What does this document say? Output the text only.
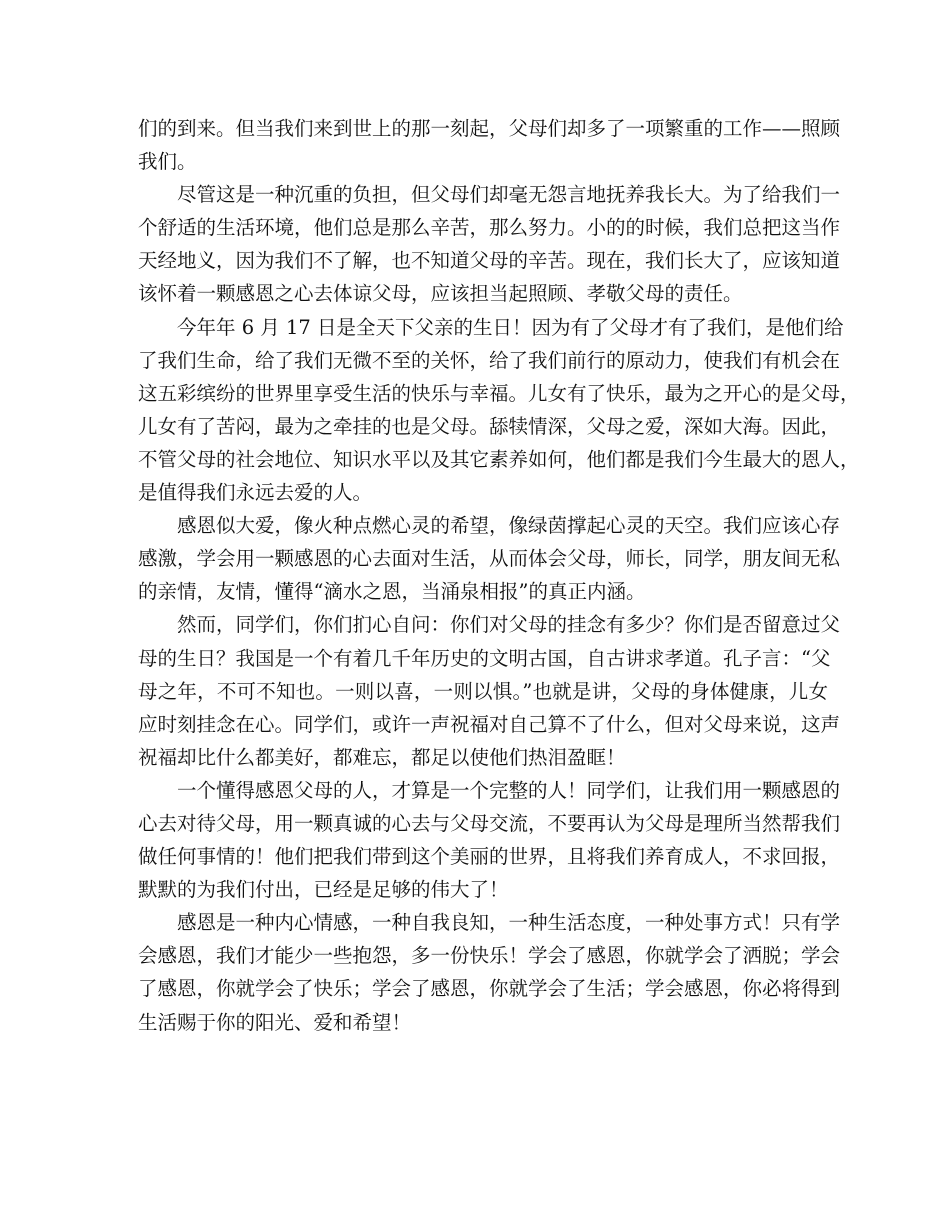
们的到来。但当我们来到世上的那一刻起，父母们却多了一项繁重的工作——照顾

我们。

尽管这是一种沉重的负担，但父母们却毫无怨言地抚养我长大。为了给我们一

个舒适的生活环境，他们总是那么辛苦，那么努力。小的的时候，我们总把这当作

天经地义，因为我们不了解，也不知道父母的辛苦。现在，我们长大了，应该知道

该怀着一颗感恩之心去体谅父母，应该担当起照顾、孝敬父母的责任。

今年年 6 月 17 日是全天下父亲的生日！因为有了父母才有了我们，是他们给

了我们生命，给了我们无微不至的关怀，给了我们前行的原动力，使我们有机会在

这五彩缤纷的世界里享受生活的快乐与幸福。儿女有了快乐，最为之开心的是父母，

儿女有了苦闷，最为之牵挂的也是父母。舔犊情深，父母之爱，深如大海。因此，

不管父母的社会地位、知识水平以及其它素养如何，他们都是我们今生最大的恩人，

是值得我们永远去爱的人。

感恩似大爱，像火种点燃心灵的希望，像绿茵撑起心灵的天空。我们应该心存

感激，学会用一颗感恩的心去面对生活，从而体会父母，师长，同学，朋友间无私

的亲情，友情，懂得“滴水之恩，当涌泉相报”的真正内涵。

然而，同学们，你们扪心自问：你们对父母的挂念有多少？你们是否留意过父

母的生日？我国是一个有着几千年历史的文明古国，自古讲求孝道。孔子言：“父

母之年，不可不知也。一则以喜，一则以惧。”也就是讲，父母的身体健康，儿女

应时刻挂念在心。同学们，或许一声祝福对自己算不了什么，但对父母来说，这声

祝福却比什么都美好，都难忘，都足以使他们热泪盈眶！

一个懂得感恩父母的人，才算是一个完整的人！同学们，让我们用一颗感恩的

心去对待父母，用一颗真诚的心去与父母交流，不要再认为父母是理所当然帮我们

做任何事情的！他们把我们带到这个美丽的世界，且将我们养育成人，不求回报，

默默的为我们付出，已经是足够的伟大了！

感恩是一种内心情感，一种自我良知，一种生活态度，一种处事方式！只有学

会感恩，我们才能少一些抱怨，多一份快乐！学会了感恩，你就学会了洒脱；学会

了感恩，你就学会了快乐；学会了感恩，你就学会了生活；学会感恩，你必将得到

生活赐于你的阳光、爱和希望！
